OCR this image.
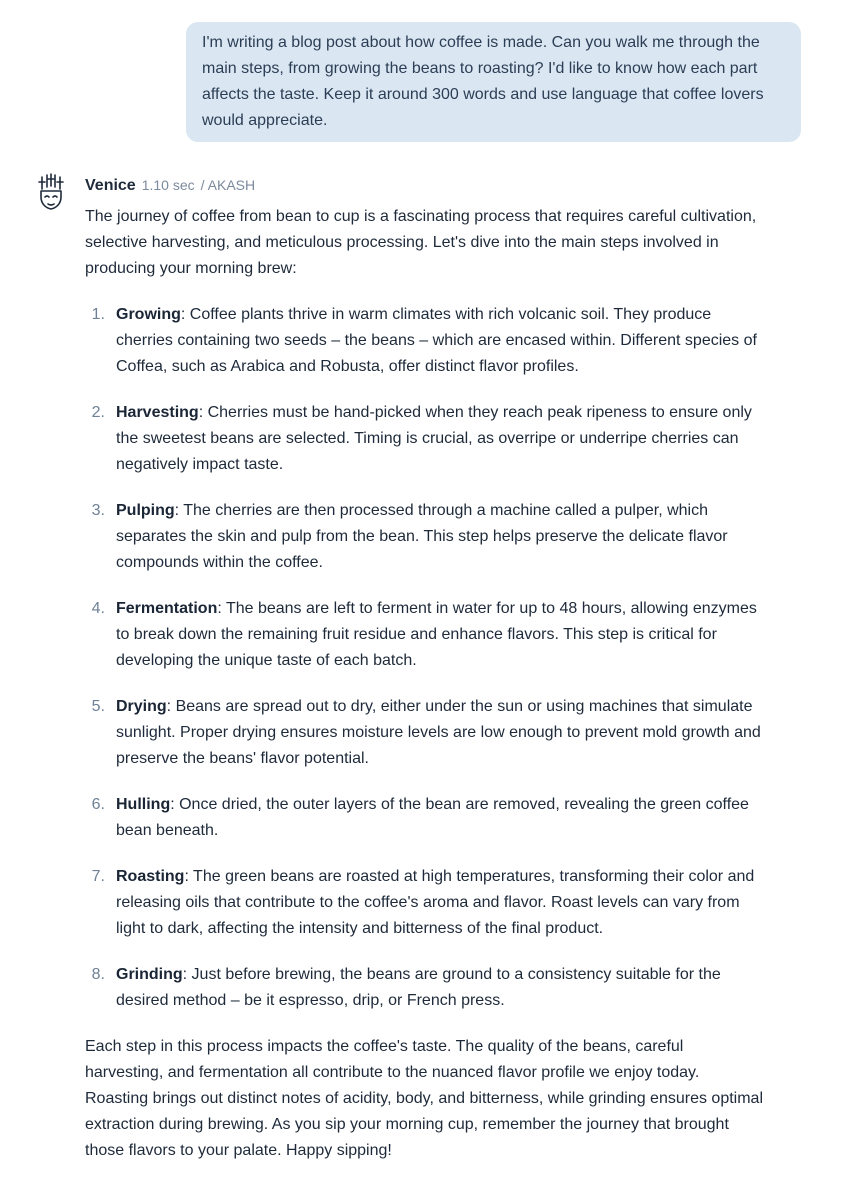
I'm writing a blog post about how coffee is made. Can you walk me through the main steps, from growing the beans to roasting? I'd like to know how each part affects the taste. Keep it around 300 words and use language that coffee lovers would appreciate.
Venice 1.10 sec / AKASH

The journey of coffee from bean to cup is a fascinating process that requires careful cultivation, selective harvesting, and meticulous processing. Let's dive into the main steps involved in producing your morning brew:

1. Growing: Coffee plants thrive in warm climates with rich volcanic soil. They produce cherries containing two seeds – the beans – which are encased within. Different species of Coffea, such as Arabica and Robusta, offer distinct flavor profiles.
2. Harvesting: Cherries must be hand-picked when they reach peak ripeness to ensure only the sweetest beans are selected. Timing is crucial, as overripe or underripe cherries can negatively impact taste.
3. Pulping: The cherries are then processed through a machine called a pulper, which separates the skin and pulp from the bean. This step helps preserve the delicate flavor compounds within the coffee.
4. Fermentation: The beans are left to ferment in water for up to 48 hours, allowing enzymes to break down the remaining fruit residue and enhance flavors. This step is critical for developing the unique taste of each batch.
5. Drying: Beans are spread out to dry, either under the sun or using machines that simulate sunlight. Proper drying ensures moisture levels are low enough to prevent mold growth and preserve the beans' flavor potential.
6. Hulling: Once dried, the outer layers of the bean are removed, revealing the green coffee bean beneath.
7. Roasting: The green beans are roasted at high temperatures, transforming their color and releasing oils that contribute to the coffee's aroma and flavor. Roast levels can vary from light to dark, affecting the intensity and bitterness of the final product.
8. Grinding: Just before brewing, the beans are ground to a consistency suitable for the desired method – be it espresso, drip, or French press.

Each step in this process impacts the coffee's taste. The quality of the beans, careful harvesting, and fermentation all contribute to the nuanced flavor profile we enjoy today. Roasting brings out distinct notes of acidity, body, and bitterness, while grinding ensures optimal extraction during brewing. As you sip your morning cup, remember the journey that brought those flavors to your palate. Happy sipping!
